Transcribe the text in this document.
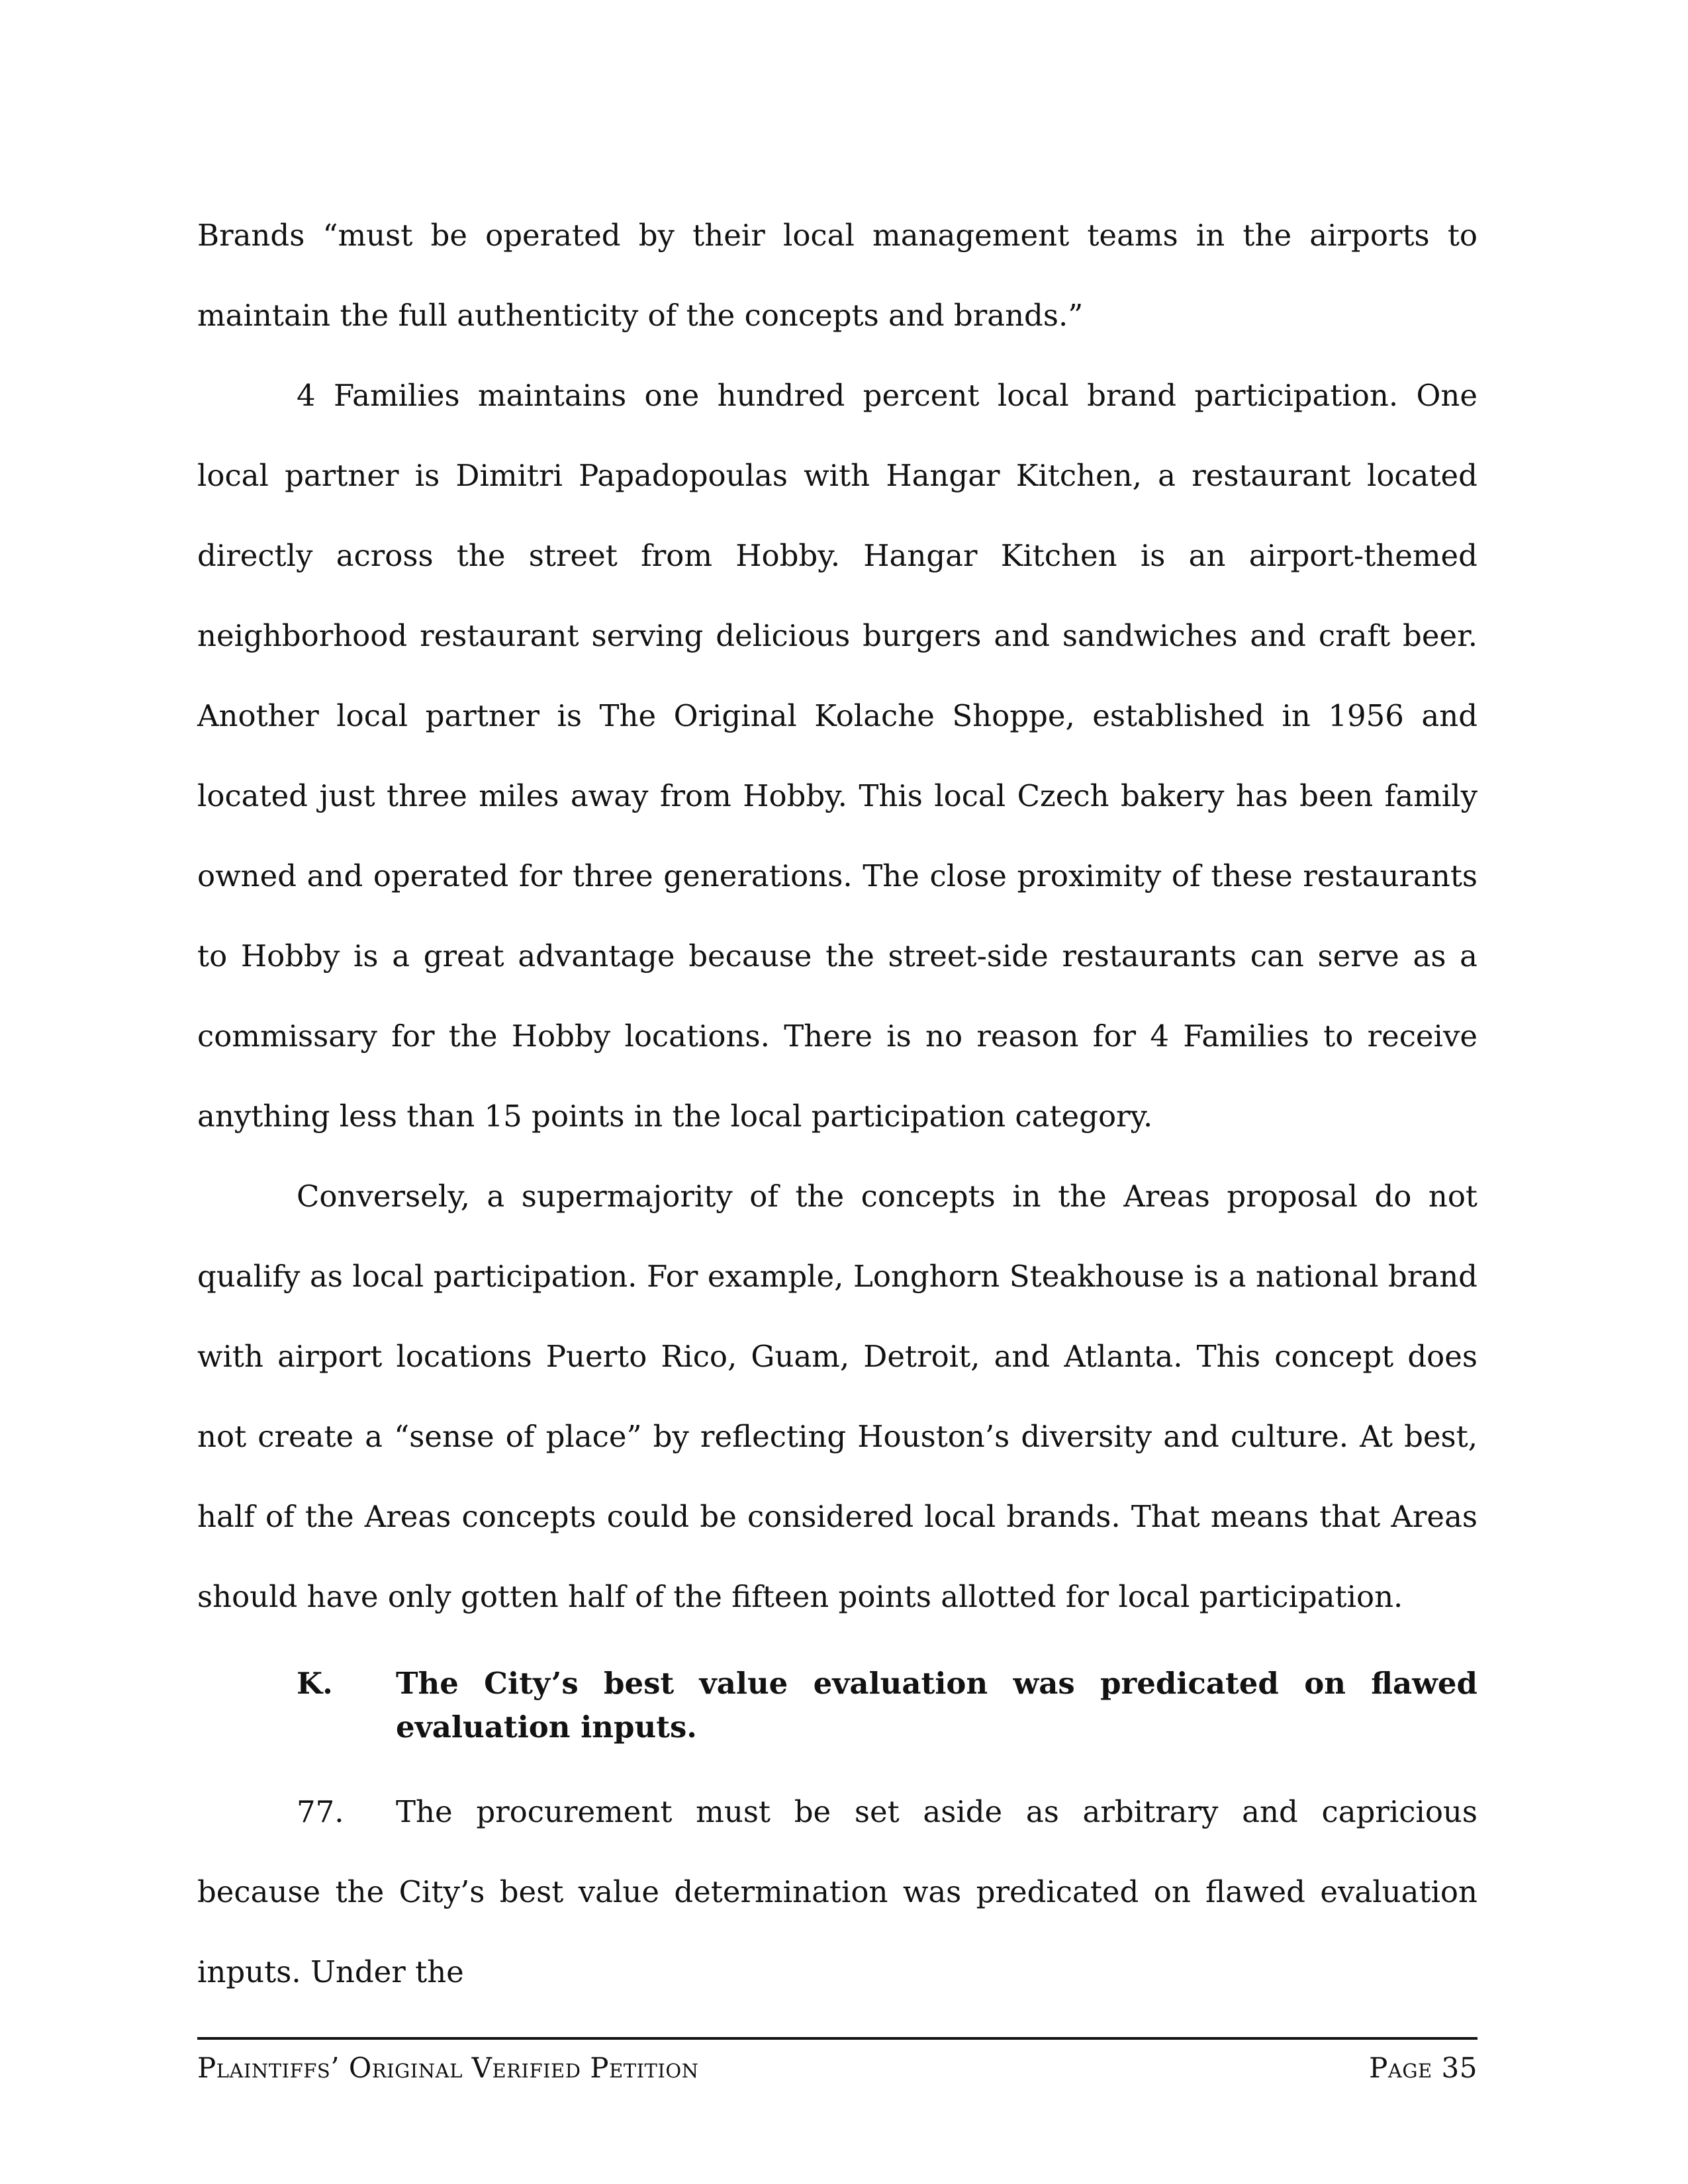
Brands “must be operated by their local management teams in the airports to maintain the full authenticity of the concepts and brands.”

4 Families maintains one hundred percent local brand participation. One local partner is Dimitri Papadopoulas with Hangar Kitchen, a restaurant located directly across the street from Hobby. Hangar Kitchen is an airport-themed neighborhood restaurant serving delicious burgers and sandwiches and craft beer. Another local partner is The Original Kolache Shoppe, established in 1956 and located just three miles away from Hobby. This local Czech bakery has been family owned and operated for three generations. The close proximity of these restaurants to Hobby is a great advantage because the street-side restaurants can serve as a commissary for the Hobby locations. There is no reason for 4 Families to receive anything less than 15 points in the local participation category.

Conversely, a supermajority of the concepts in the Areas proposal do not qualify as local participation. For example, Longhorn Steakhouse is a national brand with airport locations Puerto Rico, Guam, Detroit, and Atlanta. This concept does not create a “sense of place” by reflecting Houston’s diversity and culture. At best, half of the Areas concepts could be considered local brands. That means that Areas should have only gotten half of the fifteen points allotted for local participation.

K.	The City’s best value evaluation was predicated on flawed evaluation inputs.

77. The procurement must be set aside as arbitrary and capricious because the City’s best value determination was predicated on flawed evaluation inputs. Under the

Plaintiffs’ Original Verified Petition	Page 35
